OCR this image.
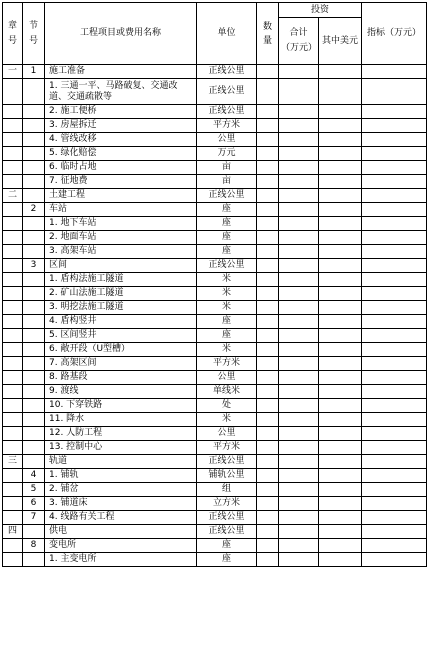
章号	节号	工程项目或费用名称	单位	数量	投资		指标（万元）
					合计（万元）	其中美元	
一	1	施工准备	正线公里				
		1. 三通一平、马路破复、交通改道、交通疏散等	正线公里				
		2. 施工便桥	正线公里				
		3. 房屋拆迁	平方米				
		4. 管线改移	公里				
		5. 绿化赔偿	万元				
		6. 临时占地	亩				
		7. 征地费	亩				
二		土建工程	正线公里				
	2	车站	座				
		1. 地下车站	座				
		2. 地面车站	座				
		3. 高架车站	座				
	3	区间	正线公里				
		1. 盾构法施工隧道	米				
		2. 矿山法施工隧道	米				
		3. 明挖法施工隧道	米				
		4. 盾构竖井	座				
		5. 区间竖井	座				
		6. 敞开段（U型槽）	米				
		7. 高架区间	平方米				
		8. 路基段	公里				
		9. 渡线	单线米				
		10. 下穿铁路	处				
		11. 降水	米				
		12. 人防工程	公里				
		13. 控制中心	平方米				
三		轨道	正线公里				
	4	1. 铺轨	铺轨公里				
	5	2. 铺岔	组				
	6	3. 铺道床	立方米				
	7	4. 线路有关工程	正线公里				
四		供电	正线公里				
	8	变电所	座				
		1. 主变电所	座				
